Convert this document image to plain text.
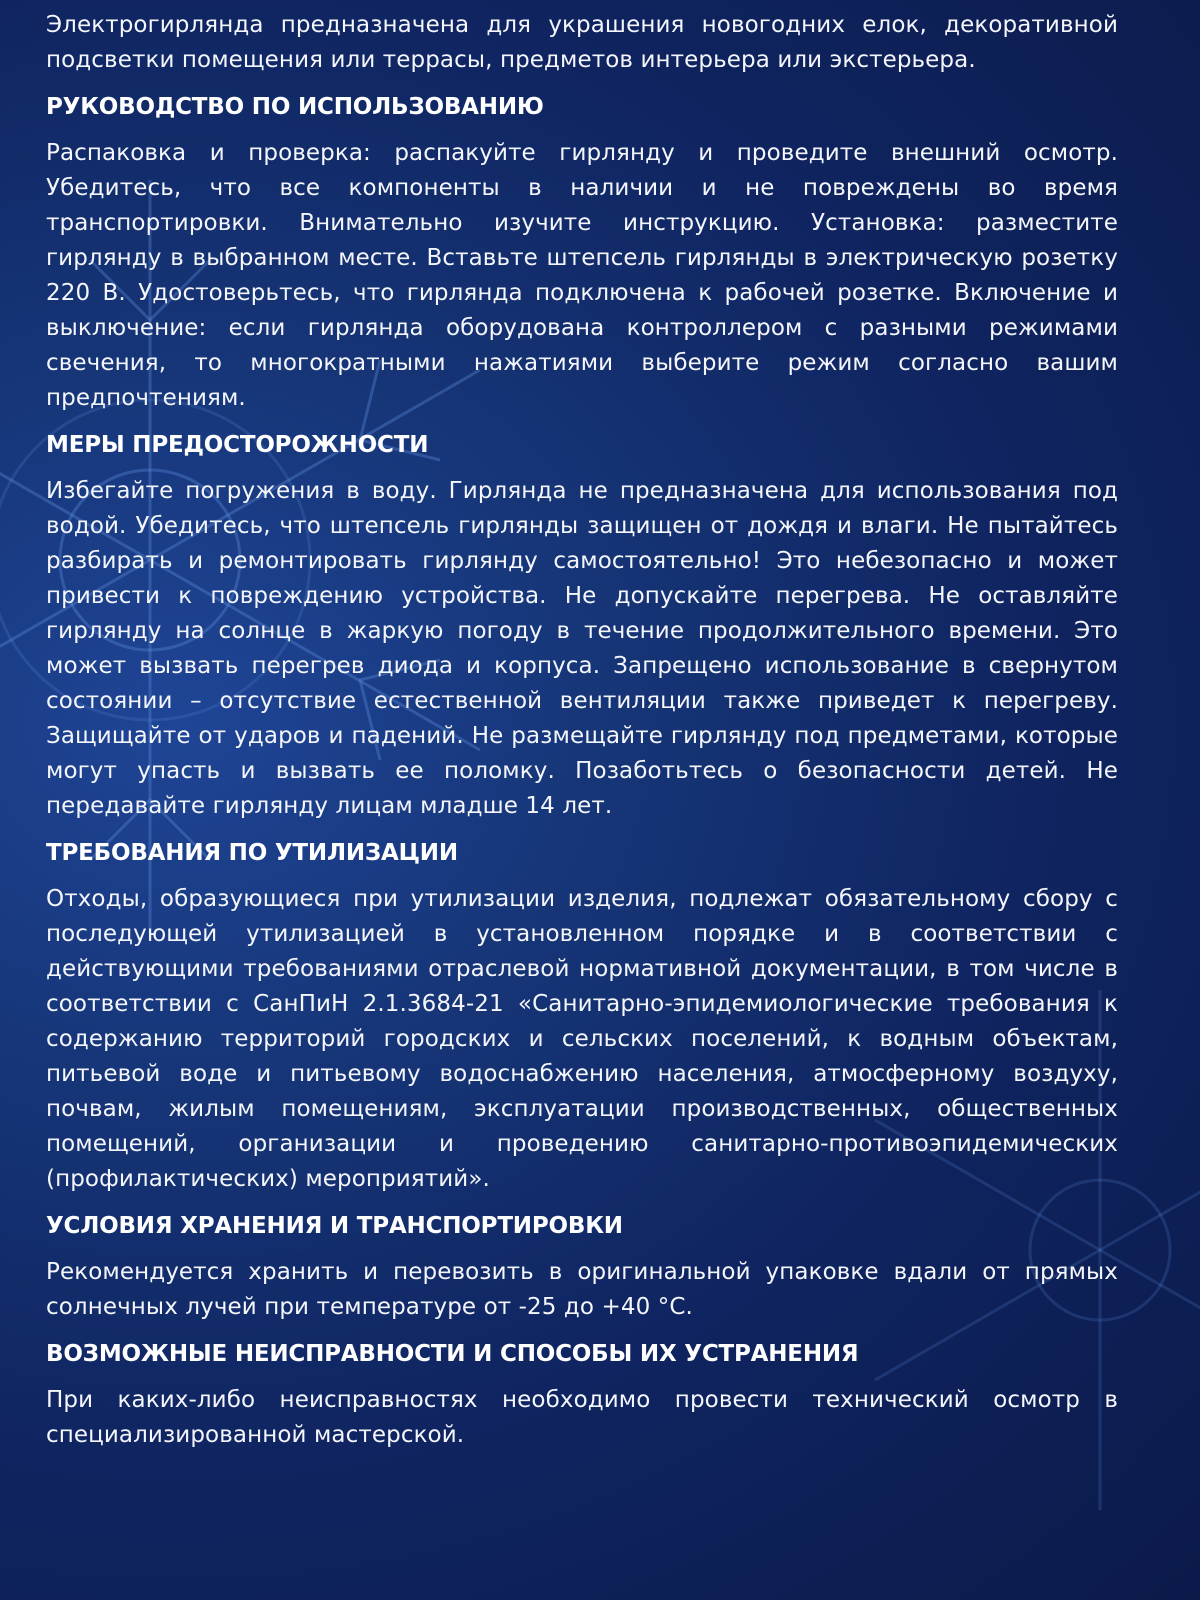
Электрогирлянда предназначена для украшения новогодних елок, декоративной подсветки помещения или террасы, предметов интерьера или экстерьера.

РУКОВОДСТВО ПО ИСПОЛЬЗОВАНИЮ

Распаковка и проверка: распакуйте гирлянду и проведите внешний осмотр. Убедитесь, что все компоненты в наличии и не повреждены во время транспортировки. Внимательно изучите инструкцию. Установка: разместите гирлянду в выбранном месте. Вставьте штепсель гирлянды в электрическую розетку 220 В. Удостоверьтесь, что гирлянда подключена к рабочей розетке. Включение и выключение: если гирлянда оборудована контроллером с разными режимами свечения, то многократными нажатиями выберите режим согласно вашим предпочтениям.

МЕРЫ ПРЕДОСТОРОЖНОСТИ

Избегайте погружения в воду. Гирлянда не предназначена для использования под водой. Убедитесь, что штепсель гирлянды защищен от дождя и влаги. Не пытайтесь разбирать и ремонтировать гирлянду самостоятельно! Это небезопасно и может привести к повреждению устройства. Не допускайте перегрева. Не оставляйте гирлянду на солнце в жаркую погоду в течение продолжительного времени. Это может вызвать перегрев диода и корпуса. Запрещено использование в свернутом состоянии – отсутствие естественной вентиляции также приведет к перегреву. Защищайте от ударов и падений. Не размещайте гирлянду под предметами, которые могут упасть и вызвать ее поломку. Позаботьтесь о безопасности детей. Не передавайте гирлянду лицам младше 14 лет.

ТРЕБОВАНИЯ ПО УТИЛИЗАЦИИ

Отходы, образующиеся при утилизации изделия, подлежат обязательному сбору с последующей утилизацией в установленном порядке и в соответствии с действующими требованиями отраслевой нормативной документации, в том числе в соответствии с СанПиН 2.1.3684-21 «Санитарно-эпидемиологические требования к содержанию территорий городских и сельских поселений, к водным объектам, питьевой воде и питьевому водоснабжению населения, атмосферному воздуху, почвам, жилым помещениям, эксплуатации производственных, общественных помещений, организации и проведению санитарно-противоэпидемических (профилактических) мероприятий».

УСЛОВИЯ ХРАНЕНИЯ И ТРАНСПОРТИРОВКИ

Рекомендуется хранить и перевозить в оригинальной упаковке вдали от прямых солнечных лучей при температуре от -25 до +40 °С.

ВОЗМОЖНЫЕ НЕИСПРАВНОСТИ И СПОСОБЫ ИХ УСТРАНЕНИЯ

При каких-либо неисправностях необходимо провести технический осмотр в специализированной мастерской.
